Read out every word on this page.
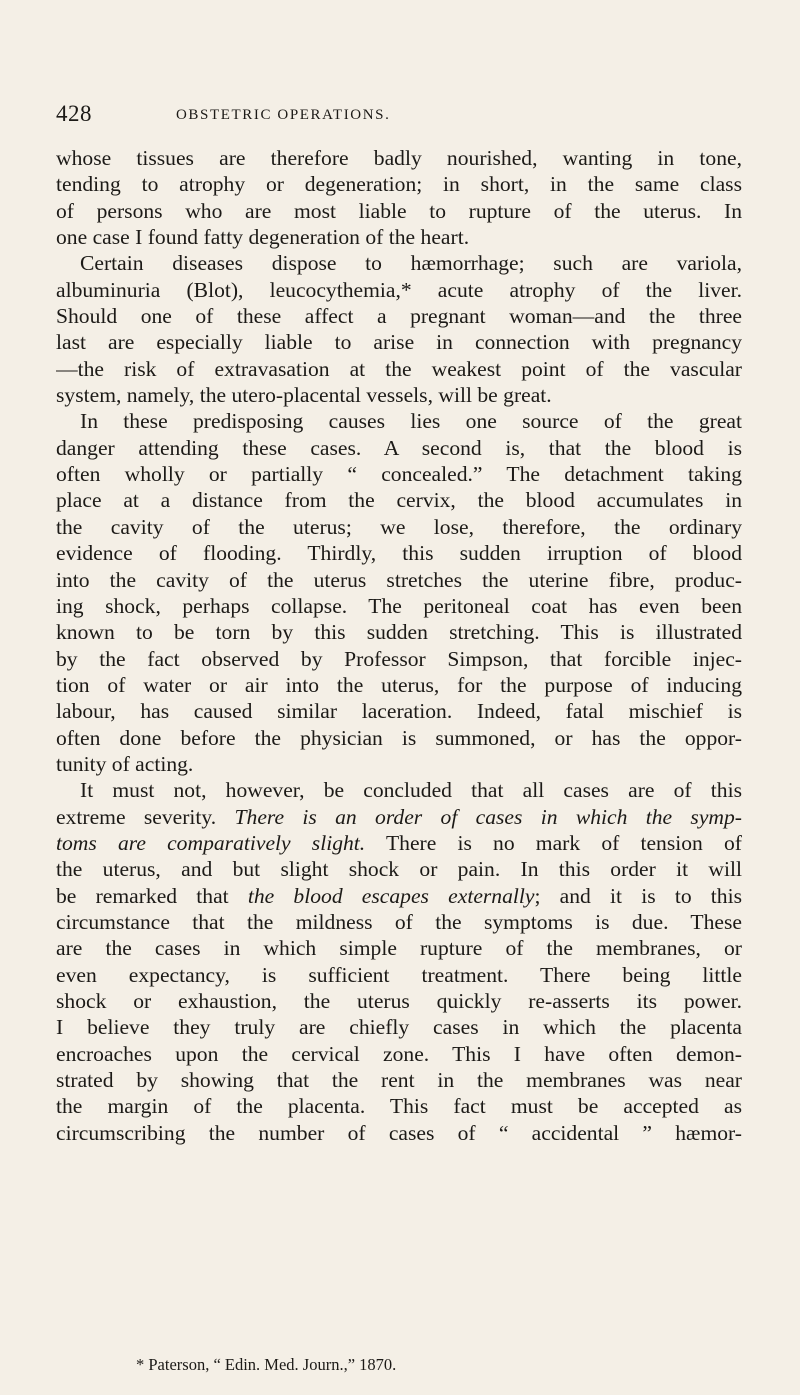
428	OBSTETRIC OPERATIONS.
whose tissues are therefore badly nourished, wanting in tone,
tending to atrophy or degeneration; in short, in the same class
of persons who are most liable to rupture of the uterus. In
one case I found fatty degeneration of the heart.
Certain diseases dispose to hæmorrhage; such are variola,
albuminuria (Blot), leucocythemia,* acute atrophy of the liver.
Should one of these affect a pregnant woman—and the three
last are especially liable to arise in connection with pregnancy
—the risk of extravasation at the weakest point of the vascular
system, namely, the utero-placental vessels, will be great.
In these predisposing causes lies one source of the great
danger attending these cases. A second is, that the blood is
often wholly or partially “ concealed.” The detachment taking
place at a distance from the cervix, the blood accumulates in
the cavity of the uterus; we lose, therefore, the ordinary
evidence of flooding. Thirdly, this sudden irruption of blood
into the cavity of the uterus stretches the uterine fibre, produc-
ing shock, perhaps collapse. The peritoneal coat has even been
known to be torn by this sudden stretching. This is illustrated
by the fact observed by Professor Simpson, that forcible injec-
tion of water or air into the uterus, for the purpose of inducing
labour, has caused similar laceration. Indeed, fatal mischief is
often done before the physician is summoned, or has the oppor-
tunity of acting.
It must not, however, be concluded that all cases are of this
extreme severity. There is an order of cases in which the symp-
toms are comparatively slight. There is no mark of tension of
the uterus, and but slight shock or pain. In this order it will
be remarked that the blood escapes externally; and it is to this
circumstance that the mildness of the symptoms is due. These
are the cases in which simple rupture of the membranes, or
even expectancy, is sufficient treatment. There being little
shock or exhaustion, the uterus quickly re-asserts its power.
I believe they truly are chiefly cases in which the placenta
encroaches upon the cervical zone. This I have often demon-
strated by showing that the rent in the membranes was near
the margin of the placenta. This fact must be accepted as
circumscribing the number of cases of “ accidental ” hæmor-
* Paterson, “ Edin. Med. Journ.,” 1870.
